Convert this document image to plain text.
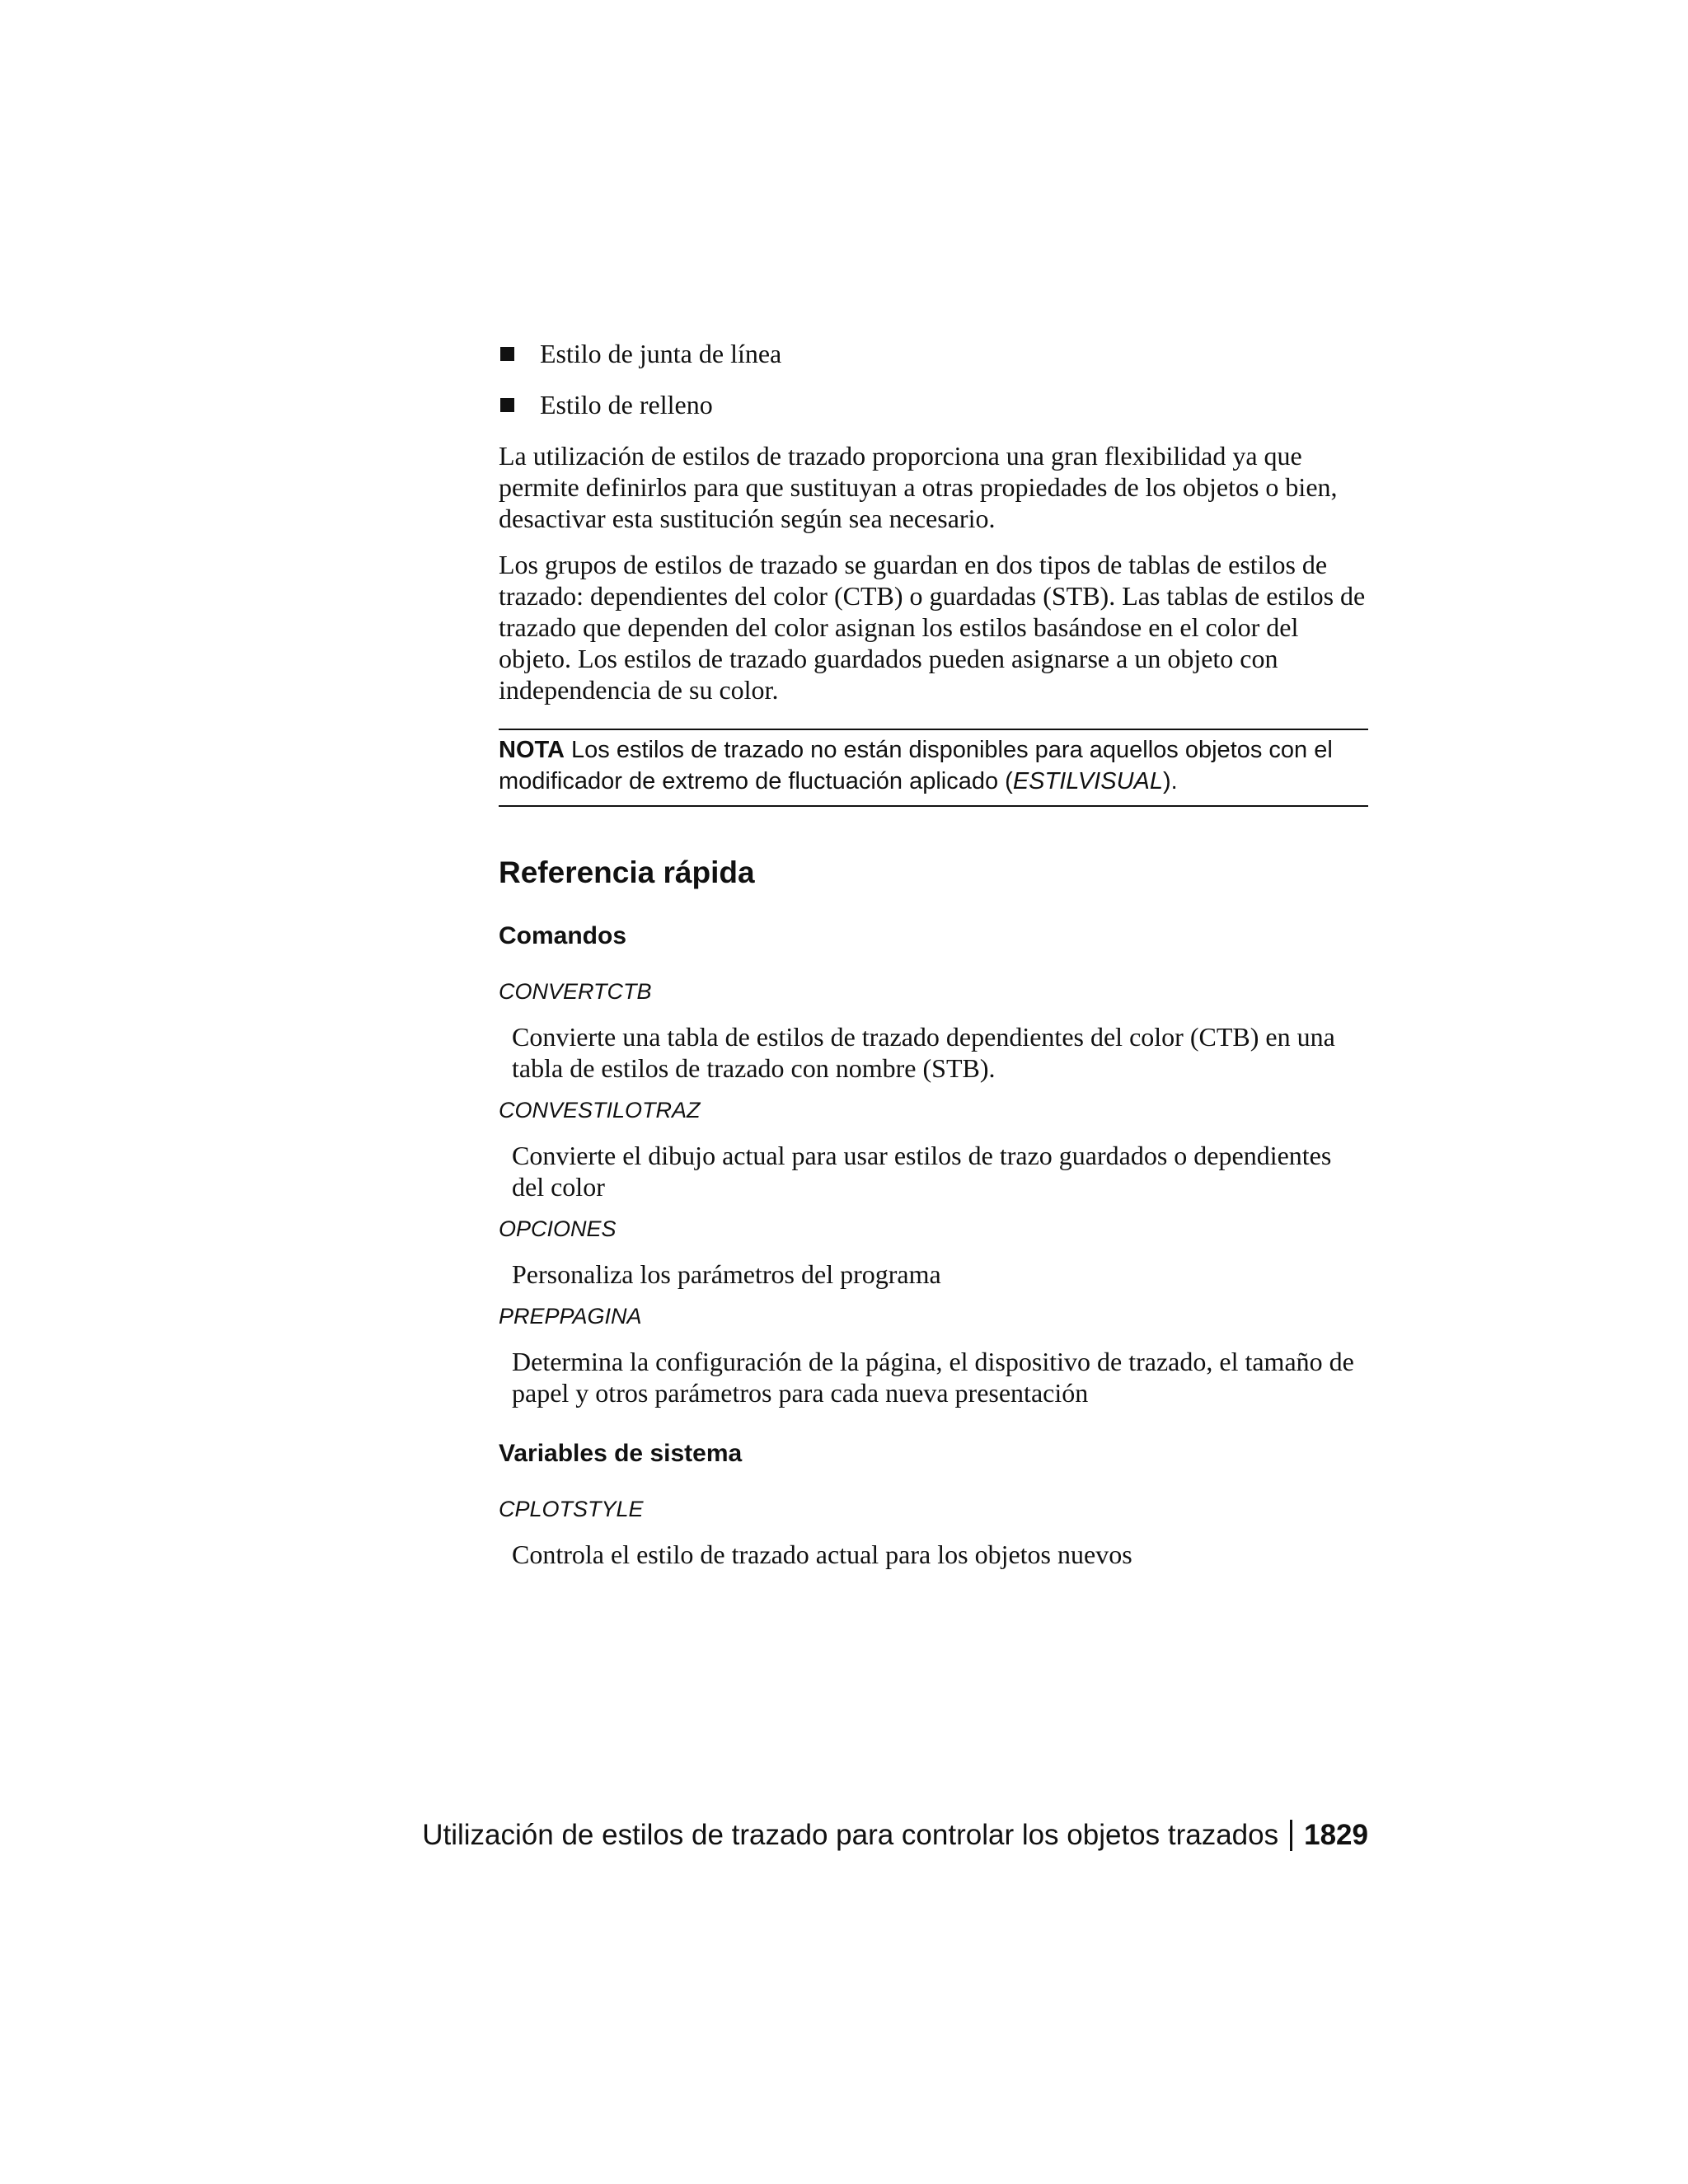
Estilo de junta de línea
Estilo de relleno

La utilización de estilos de trazado proporciona una gran flexibilidad ya que permite definirlos para que sustituyan a otras propiedades de los objetos o bien, desactivar esta sustitución según sea necesario.

Los grupos de estilos de trazado se guardan en dos tipos de tablas de estilos de trazado: dependientes del color (CTB) o guardadas (STB). Las tablas de estilos de trazado que dependen del color asignan los estilos basándose en el color del objeto. Los estilos de trazado guardados pueden asignarse a un objeto con independencia de su color.

NOTA Los estilos de trazado no están disponibles para aquellos objetos con el modificador de extremo de fluctuación aplicado (ESTILVISUAL).
Referencia rápida
Comandos
CONVERTCTB
Convierte una tabla de estilos de trazado dependientes del color (CTB) en una tabla de estilos de trazado con nombre (STB).
CONVESTILOTRAZ
Convierte el dibujo actual para usar estilos de trazo guardados o dependientes del color
OPCIONES
Personaliza los parámetros del programa
PREPPAGINA
Determina la configuración de la página, el dispositivo de trazado, el tamaño de papel y otros parámetros para cada nueva presentación
Variables de sistema
CPLOTSTYLE
Controla el estilo de trazado actual para los objetos nuevos
Utilización de estilos de trazado para controlar los objetos trazados 1829
